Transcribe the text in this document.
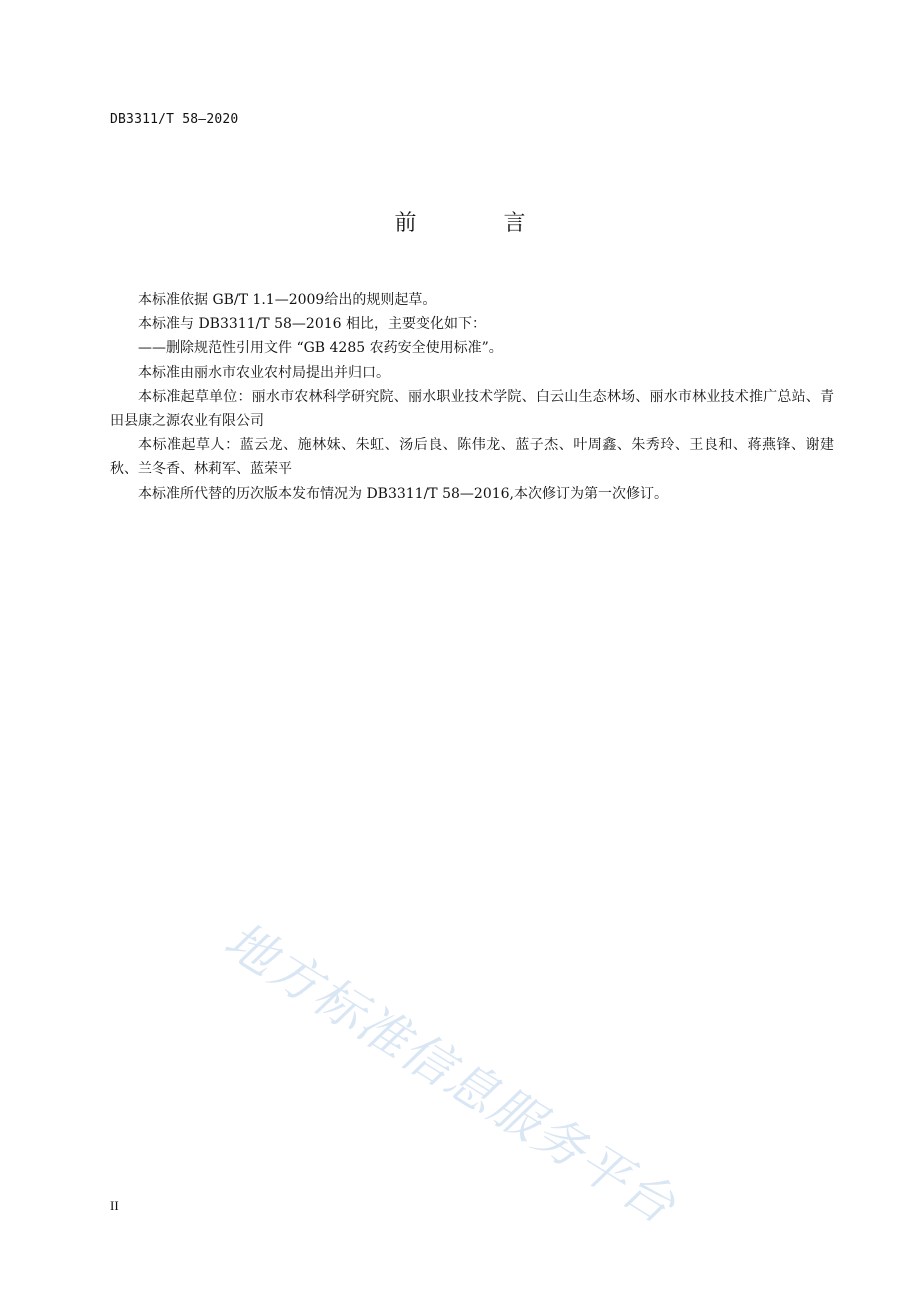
DB3311/T 58—2020
前 言

本标准依据 GB/T 1.1—2009给出的规则起草。

本标准与 DB3311/T 58—2016 相比，主要变化如下：

——删除规范性引用文件 “GB 4285 农药安全使用标准”。

本标准由丽水市农业农村局提出并归口。

本标准起草单位：丽水市农林科学研究院、丽水职业技术学院、白云山生态林场、丽水市林业技术推广总站、青田县康之源农业有限公司

本标准起草人：蓝云龙、施林妹、朱虹、汤后良、陈伟龙、蓝子杰、叶周鑫、朱秀玲、王良和、蒋燕锋、谢建秋、兰冬香、林莉军、蓝荣平

本标准所代替的历次版本发布情况为 DB3311/T 58—2016,本次修订为第一次修订。

地方标准信息服务平台
II
